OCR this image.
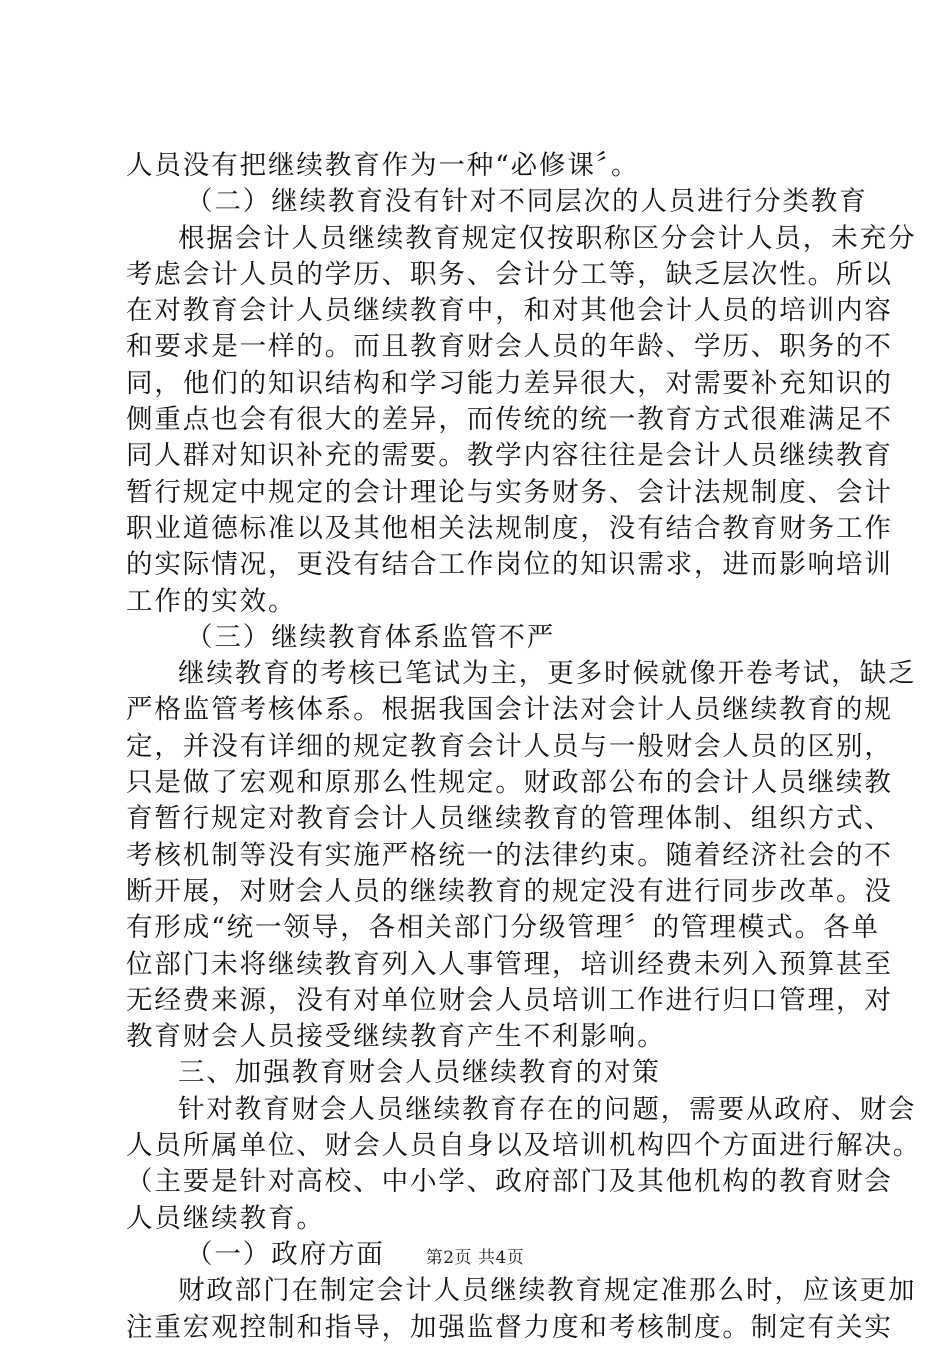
人员没有把继续教育作为一种“必修课〞。

（二）继续教育没有针对不同层次的人员进行分类教育

根据会计人员继续教育规定仅按职称区分会计人员，未充分

考虑会计人员的学历、职务、会计分工等，缺乏层次性。所以

在对教育会计人员继续教育中，和对其他会计人员的培训内容

和要求是一样的。而且教育财会人员的年龄、学历、职务的不

同，他们的知识结构和学习能力差异很大，对需要补充知识的

侧重点也会有很大的差异，而传统的统一教育方式很难满足不

同人群对知识补充的需要。教学内容往往是会计人员继续教育

暂行规定中规定的会计理论与实务财务、会计法规制度、会计

职业道德标准以及其他相关法规制度，没有结合教育财务工作

的实际情况，更没有结合工作岗位的知识需求，进而影响培训

工作的实效。

（三）继续教育体系监管不严

继续教育的考核已笔试为主，更多时候就像开卷考试，缺乏

严格监管考核体系。根据我国会计法对会计人员继续教育的规

定，并没有详细的规定教育会计人员与一般财会人员的区别，

只是做了宏观和原那么性规定。财政部公布的会计人员继续教

育暂行规定对教育会计人员继续教育的管理体制、组织方式、

考核机制等没有实施严格统一的法律约束。随着经济社会的不

断开展，对财会人员的继续教育的规定没有进行同步改革。没

有形成“统一领导，各相关部门分级管理〞的管理模式。各单

位部门未将继续教育列入人事管理，培训经费未列入预算甚至

无经费来源，没有对单位财会人员培训工作进行归口管理，对

教育财会人员接受继续教育产生不利影响。

三、加强教育财会人员继续教育的对策

针对教育财会人员继续教育存在的问题，需要从政府、财会

人员所属单位、财会人员自身以及培训机构四个方面进行解决。

（主要是针对高校、中小学、政府部门及其他机构的教育财会

人员继续教育。

（一）政府方面

财政部门在制定会计人员继续教育规定准那么时，应该更加

注重宏观控制和指导，加强监督力度和考核制度。制定有关实

第2页 共4页
